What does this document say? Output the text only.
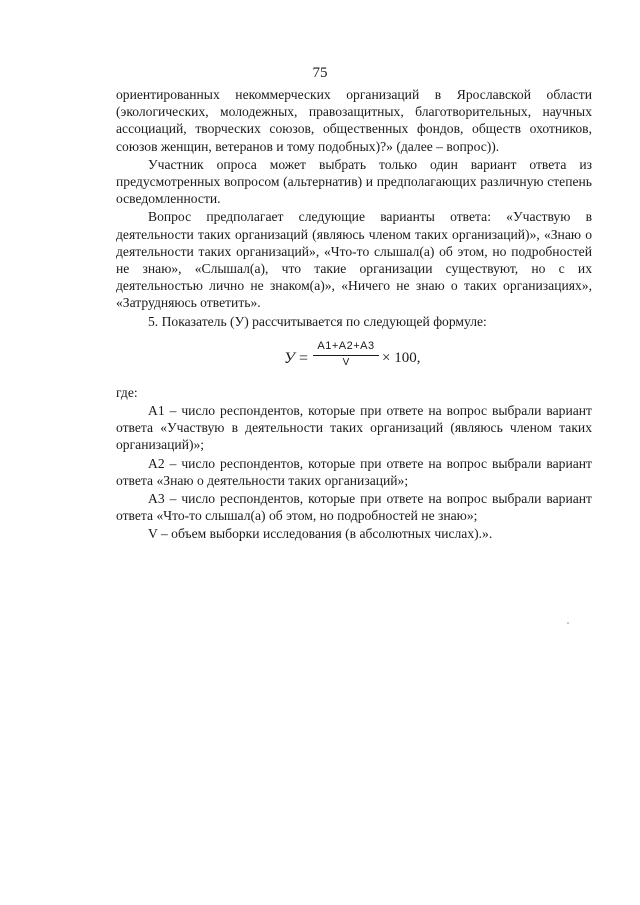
75

ориентированных некоммерческих организаций в Ярославской области (экологических, молодежных, правозащитных, благотворительных, научных ассоциаций, творческих союзов, общественных фондов, обществ охотников, союзов женщин, ветеранов и тому подобных)?» (далее – вопрос)).

Участник опроса может выбрать только один вариант ответа из предусмотренных вопросом (альтернатив) и предполагающих различную степень осведомленности.

Вопрос предполагает следующие варианты ответа: «Участвую в деятельности таких организаций (являюсь членом таких организаций)», «Знаю о деятельности таких организаций», «Что-то слышал(а) об этом, но подробностей не знаю», «Слышал(а), что такие организации существуют, но с их деятельностью лично не знаком(а)», «Ничего не знаю о таких организациях», «Затрудняюсь ответить».

5. Показатель (У) рассчитывается по следующей формуле:

У =
А1+А2+А3
V	× 100,

где:

А1 – число респондентов, которые при ответе на вопрос выбрали вариант ответа «Участвую в деятельности таких организаций (являюсь членом таких организаций)»;

А2 – число респондентов, которые при ответе на вопрос выбрали вариант ответа «Знаю о деятельности таких организаций»;

А3 – число респондентов, которые при ответе на вопрос выбрали вариант ответа «Что-то слышал(а) об этом, но подробностей не знаю»;

V – объем выборки исследования (в абсолютных числах).».
